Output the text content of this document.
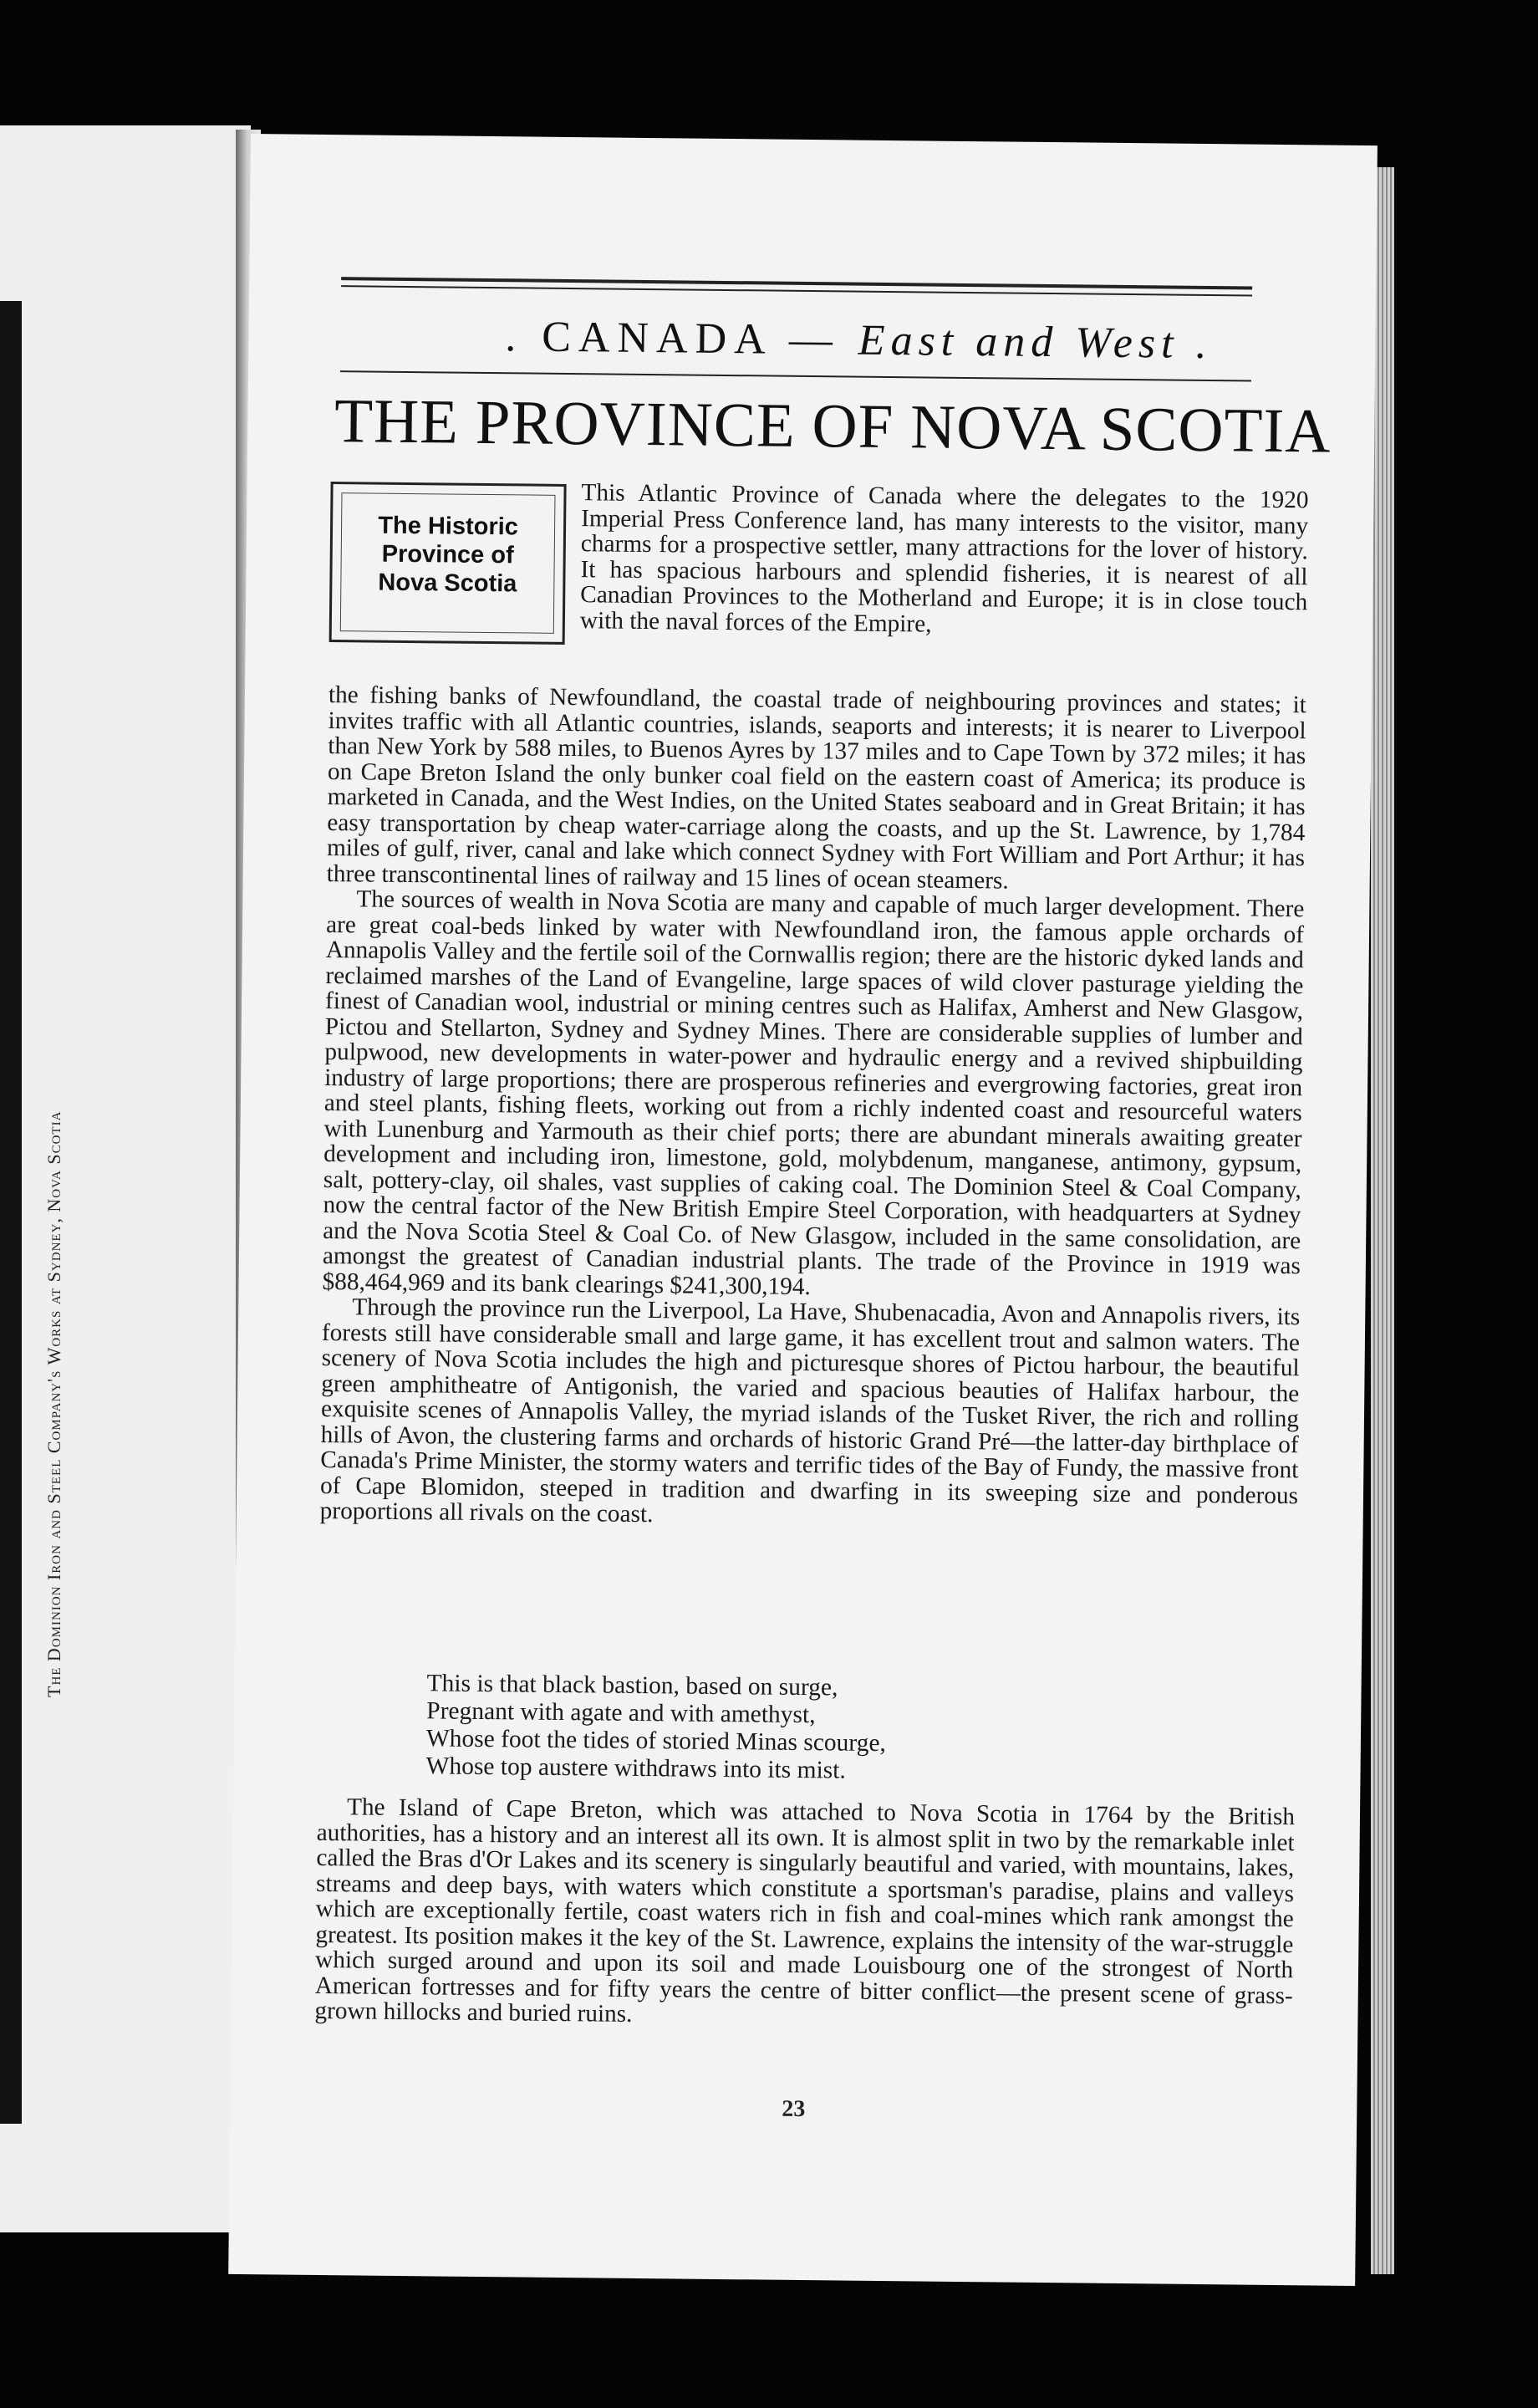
The Dominion Iron and Steel Company's Works at Sydney, Nova Scotia
. CANADA — East and West .
THE PROVINCE OF NOVA SCOTIA
The Historic
Province of
Nova Scotia

This Atlantic Province of Canada where the delegates to the 1920 Imperial Press Conference land, has many interests to the visitor, many charms for a prospective settler, many attractions for the lover of history. It has spacious harbours and splendid fisheries, it is nearest of all Canadian Provinces to the Motherland and Europe; it is in close touch with the naval forces of the Empire,

the fishing banks of Newfoundland, the coastal trade of neighbouring provinces and states; it invites traffic with all Atlantic countries, islands, seaports and interests; it is nearer to Liverpool than New York by 588 miles, to Buenos Ayres by 137 miles and to Cape Town by 372 miles; it has on Cape Breton Island the only bunker coal field on the eastern coast of America; its produce is marketed in Canada, and the West Indies, on the United States seaboard and in Great Britain; it has easy transportation by cheap water-carriage along the coasts, and up the St. Lawrence, by 1,784 miles of gulf, river, canal and lake which connect Sydney with Fort William and Port Arthur; it has three transcontinental lines of railway and 15 lines of ocean steamers.

The sources of wealth in Nova Scotia are many and capable of much larger development. There are great coal-beds linked by water with Newfoundland iron, the famous apple orchards of Annapolis Valley and the fertile soil of the Cornwallis region; there are the historic dyked lands and reclaimed marshes of the Land of Evangeline, large spaces of wild clover pasturage yielding the finest of Canadian wool, industrial or mining centres such as Halifax, Amherst and New Glasgow, Pictou and Stellarton, Sydney and Sydney Mines. There are considerable supplies of lumber and pulpwood, new developments in water-power and hydraulic energy and a revived shipbuilding industry of large proportions; there are prosperous refineries and evergrowing factories, great iron and steel plants, fishing fleets, working out from a richly indented coast and resourceful waters with Lunenburg and Yarmouth as their chief ports; there are abundant minerals awaiting greater development and including iron, limestone, gold, molybdenum, manganese, antimony, gypsum, salt, pottery-clay, oil shales, vast supplies of caking coal. The Dominion Steel & Coal Company, now the central factor of the New British Empire Steel Corporation, with headquarters at Sydney and the Nova Scotia Steel & Coal Co. of New Glasgow, included in the same consolidation, are amongst the greatest of Canadian industrial plants. The trade of the Province in 1919 was $88,464,969 and its bank clearings $241,300,194.

Through the province run the Liverpool, La Have, Shubenacadia, Avon and Annapolis rivers, its forests still have considerable small and large game, it has excellent trout and salmon waters. The scenery of Nova Scotia includes the high and picturesque shores of Pictou harbour, the beautiful green amphitheatre of Antigonish, the varied and spacious beauties of Halifax harbour, the exquisite scenes of Annapolis Valley, the myriad islands of the Tusket River, the rich and rolling hills of Avon, the clustering farms and orchards of historic Grand Pré—the latter-day birthplace of Canada's Prime Minister, the stormy waters and terrific tides of the Bay of Fundy, the massive front of Cape Blomidon, steeped in tradition and dwarfing in its sweeping size and ponderous proportions all rivals on the coast.

This is that black bastion, based on surge,
Pregnant with agate and with amethyst,
Whose foot the tides of storied Minas scourge,
Whose top austere withdraws into its mist.

The Island of Cape Breton, which was attached to Nova Scotia in 1764 by the British authorities, has a history and an interest all its own. It is almost split in two by the remarkable inlet called the Bras d'Or Lakes and its scenery is singularly beautiful and varied, with mountains, lakes, streams and deep bays, with waters which constitute a sportsman's paradise, plains and valleys which are exceptionally fertile, coast waters rich in fish and coal-mines which rank amongst the greatest. Its position makes it the key of the St. Lawrence, explains the intensity of the war-struggle which surged around and upon its soil and made Louisbourg one of the strongest of North American fortresses and for fifty years the centre of bitter conflict—the present scene of grass-grown hillocks and buried ruins.

23
